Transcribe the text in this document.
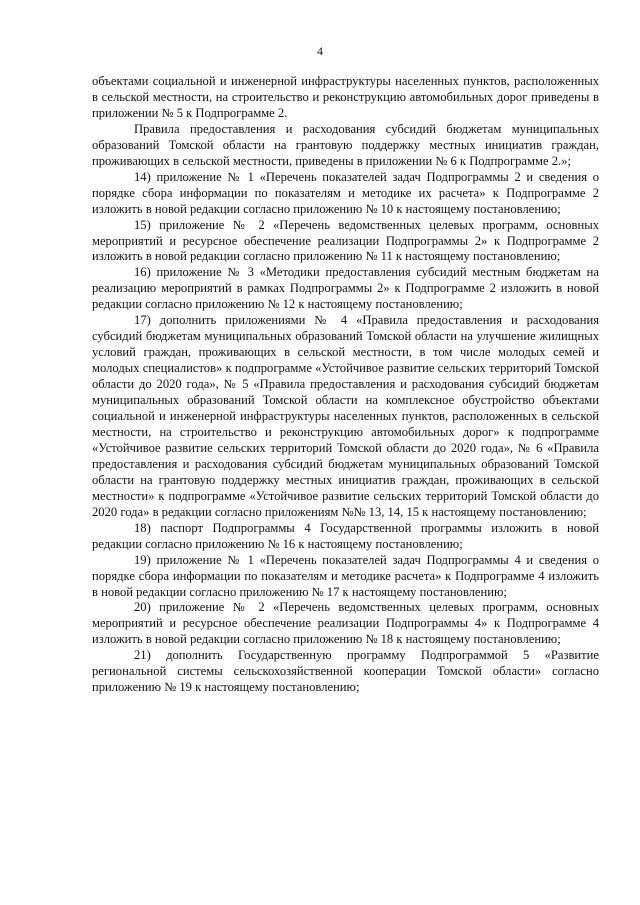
4

объектами социальной и инженерной инфраструктуры населенных пунктов, расположенных в сельской местности, на строительство и реконструкцию автомобильных дорог приведены в приложении № 5 к Подпрограмме 2.

Правила предоставления и расходования субсидий бюджетам муниципальных образований Томской области на грантовую поддержку местных инициатив граждан, проживающих в сельской местности, приведены в приложении № 6 к Подпрограмме 2.»;

14) приложение № 1 «Перечень показателей задач Подпрограммы 2 и сведения о порядке сбора информации по показателям и методике их расчета» к Подпрограмме 2 изложить в новой редакции согласно приложению № 10 к настоящему постановлению;

15) приложение № 2 «Перечень ведомственных целевых программ, основных мероприятий и ресурсное обеспечение реализации Подпрограммы 2» к Подпрограмме 2 изложить в новой редакции согласно приложению № 11 к настоящему постановлению;

16) приложение № 3 «Методики предоставления субсидий местным бюджетам на реализацию мероприятий в рамках Подпрограммы 2» к Подпрограмме 2 изложить в новой редакции согласно приложению № 12 к настоящему постановлению;

17) дополнить приложениями № 4 «Правила предоставления и расходования субсидий бюджетам муниципальных образований Томской области на улучшение жилищных условий граждан, проживающих в сельской местности, в том числе молодых семей и молодых специалистов» к подпрограмме «Устойчивое развитие сельских территорий Томской области до 2020 года», № 5 «Правила предоставления и расходования субсидий бюджетам муниципальных образований Томской области на комплексное обустройство объектами социальной и инженерной инфраструктуры населенных пунктов, расположенных в сельской местности, на строительство и реконструкцию автомобильных дорог» к подпрограмме «Устойчивое развитие сельских территорий Томской области до 2020 года», № 6 «Правила предоставления и расходования субсидий бюджетам муниципальных образований Томской области на грантовую поддержку местных инициатив граждан, проживающих в сельской местности» к подпрограмме «Устойчивое развитие сельских территорий Томской области до 2020 года» в редакции согласно приложениям №№ 13, 14, 15 к настоящему постановлению;

18) паспорт Подпрограммы 4 Государственной программы изложить в новой редакции согласно приложению № 16 к настоящему постановлению;

19) приложение № 1 «Перечень показателей задач Подпрограммы 4 и сведения о порядке сбора информации по показателям и методике расчета» к Подпрограмме 4 изложить в новой редакции согласно приложению № 17 к настоящему постановлению;

20) приложение № 2 «Перечень ведомственных целевых программ, основных мероприятий и ресурсное обеспечение реализации Подпрограммы 4» к Подпрограмме 4 изложить в новой редакции согласно приложению № 18 к настоящему постановлению;

21) дополнить Государственную программу Подпрограммой 5 «Развитие региональной системы сельскохозяйственной кооперации Томской области» согласно приложению № 19 к настоящему постановлению;
